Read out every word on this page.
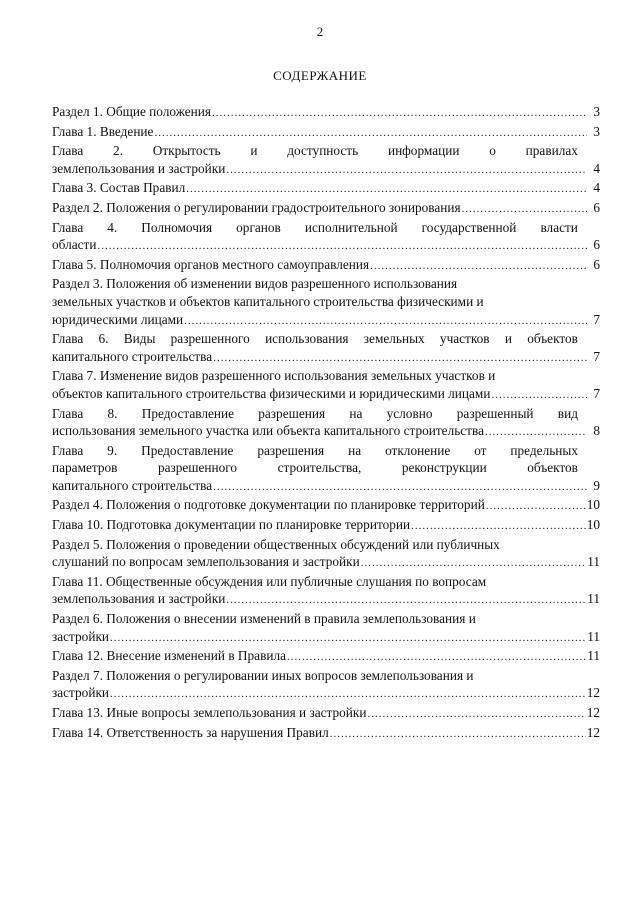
2
СОДЕРЖАНИЕ
Раздел 1. Общие положения .....	3
Глава 1. Введение .....	3
Глава 2. Открытость и доступность информации о правилах
землепользования и застройки .....	4
Глава 3. Состав Правил .....	4
Раздел 2. Положения о регулировании градостроительного зонирования .....	6
Глава 4. Полномочия органов исполнительной государственной власти
области .....	6
Глава 5. Полномочия органов местного самоуправления .....	6
Раздел 3. Положения об изменении видов разрешенного использования
земельных участков и объектов капитального строительства физическими и
юридическими лицами .....	7
Глава 6. Виды разрешенного использования земельных участков и объектов
капитального строительства .....	7
Глава 7. Изменение видов разрешенного использования земельных участков и
объектов капитального строительства физическими и юридическими лицами .....	7
Глава 8. Предоставление разрешения на условно разрешенный вид
использования земельного участка или объекта капитального строительства .....	8
Глава 9. Предоставление разрешения на отклонение от предельных
параметров	разрешенного	строительства,	реконструкции	объектов
капитального строительства .....	9
Раздел 4. Положения о подготовке документации по планировке территорий .....	10
Глава 10. Подготовка документации по планировке территории .....	10
Раздел 5. Положения о проведении общественных обсуждений или публичных
слушаний по вопросам землепользования и застройки .....	11
Глава 11. Общественные обсуждения или публичные слушания по вопросам
землепользования и застройки .....	11
Раздел 6. Положения о внесении изменений в правила землепользования и
застройки .....	11
Глава 12. Внесение изменений в Правила .....	11
Раздел 7. Положения о регулировании иных вопросов землепользования и
застройки .....	12
Глава 13. Иные вопросы землепользования и застройки .....	12
Глава 14. Ответственность за нарушения Правил .....	12
